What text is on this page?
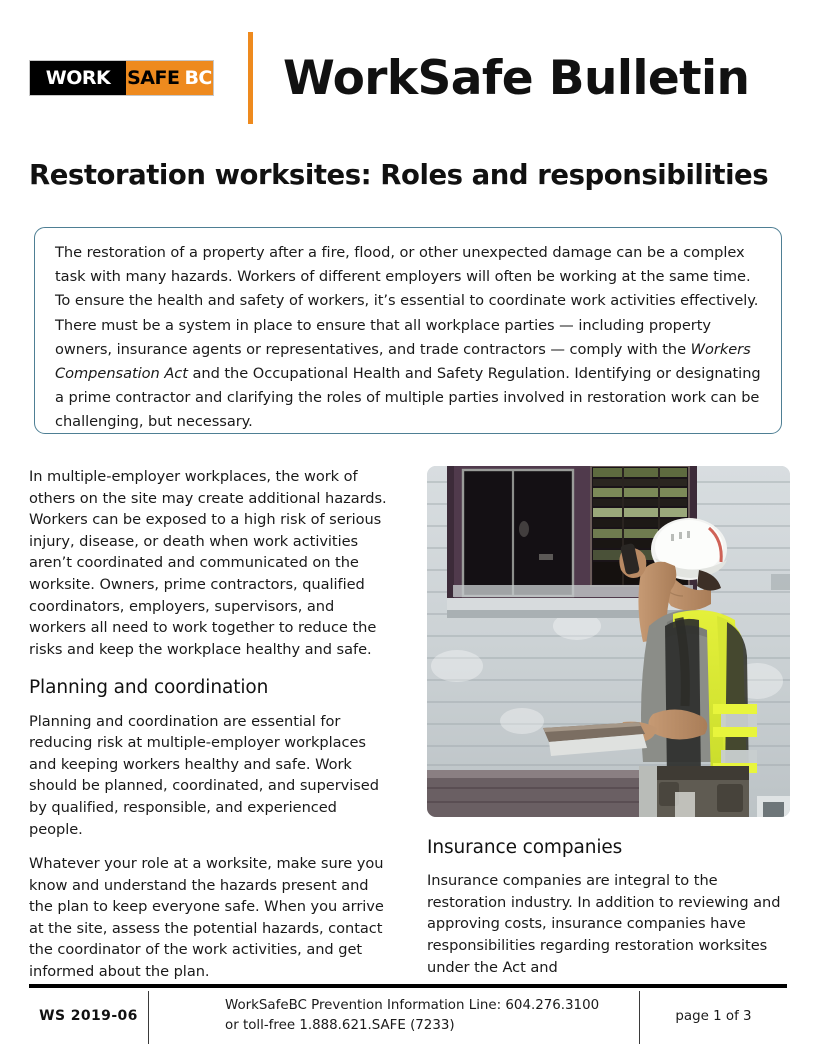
WORK SAFE BC WorkSafe Bulletin
Restoration worksites: Roles and responsibilities
The restoration of a property after a fire, flood, or other unexpected damage can be a complex task with many hazards. Workers of different employers will often be working at the same time. To ensure the health and safety of workers, it’s essential to coordinate work activities effectively. There must be a system in place to ensure that all workplace parties — including property owners, insurance agents or representatives, and trade contractors — comply with the Workers Compensation Act and the Occupational Health and Safety Regulation. Identifying or designating a prime contractor and clarifying the roles of multiple parties involved in restoration work can be challenging, but necessary.

In multiple-employer workplaces, the work of others on the site may create additional hazards. Workers can be exposed to a high risk of serious injury, disease, or death when work activities aren’t coordinated and communicated on the worksite. Owners, prime contractors, qualified coordinators, employers, supervisors, and workers all need to work together to reduce the risks and keep the workplace healthy and safe.

Planning and coordination

Planning and coordination are essential for reducing risk at multiple-employer workplaces and keeping workers healthy and safe. Work should be planned, coordinated, and supervised by qualified, responsible, and experienced people.

Whatever your role at a worksite, make sure you know and understand the hazards present and the plan to keep everyone safe. When you arrive at the site, assess the potential hazards, contact the coordinator of the work activities, and get informed about the plan.

Insurance companies

Insurance companies are integral to the restoration industry. In addition to reviewing and approving costs, insurance companies have responsibilities regarding restoration worksites under the Act and

WS 2019-06
WorkSafeBC Prevention Information Line: 604.276.3100
or toll-free 1.888.621.SAFE (7233)
page 1 of 3
